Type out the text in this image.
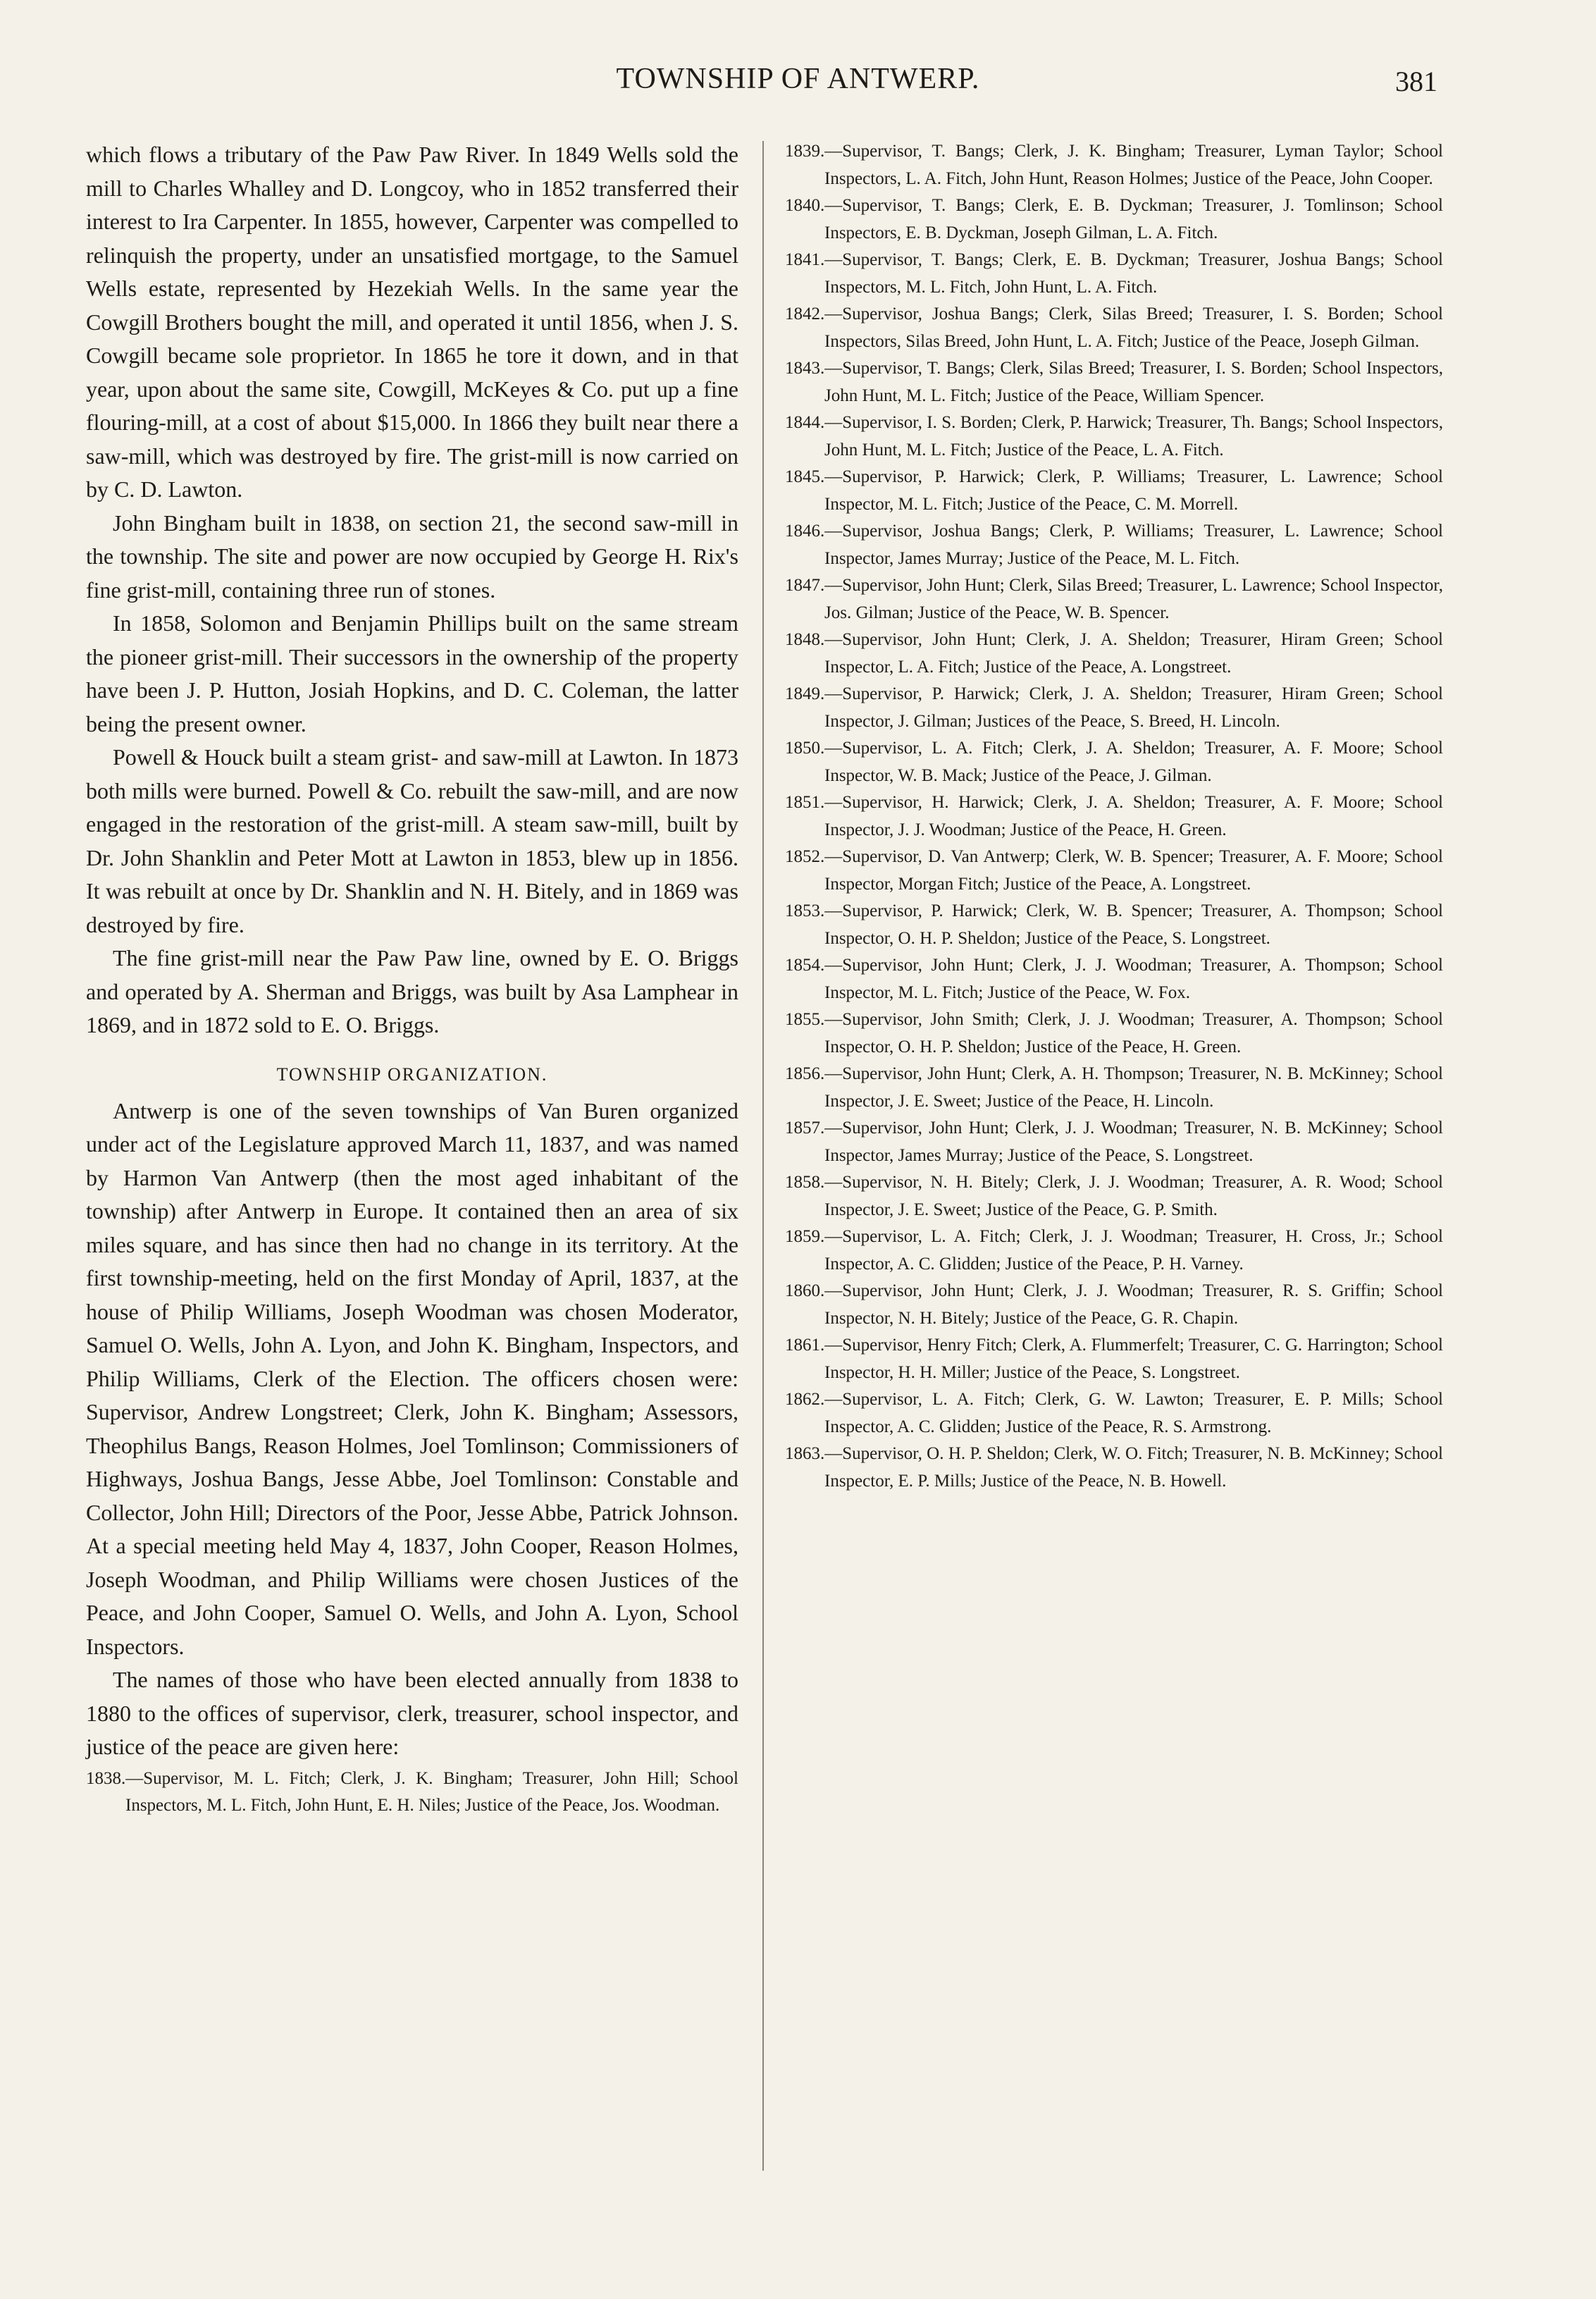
TOWNSHIP OF ANTWERP.	381

which flows a tributary of the Paw Paw River. In 1849 Wells sold the mill to Charles Whalley and D. Longcoy, who in 1852 transferred their interest to Ira Carpenter. In 1855, however, Carpenter was compelled to relinquish the property, under an unsatisfied mortgage, to the Samuel Wells estate, represented by Hezekiah Wells. In the same year the Cowgill Brothers bought the mill, and operated it until 1856, when J. S. Cowgill became sole proprietor. In 1865 he tore it down, and in that year, upon about the same site, Cowgill, McKeyes & Co. put up a fine flouring-mill, at a cost of about $15,000. In 1866 they built near there a saw-mill, which was destroyed by fire. The grist-mill is now carried on by C. D. Lawton.

John Bingham built in 1838, on section 21, the second saw-mill in the township. The site and power are now occupied by George H. Rix's fine grist-mill, containing three run of stones.

In 1858, Solomon and Benjamin Phillips built on the same stream the pioneer grist-mill. Their successors in the ownership of the property have been J. P. Hutton, Josiah Hopkins, and D. C. Coleman, the latter being the present owner.

Powell & Houck built a steam grist- and saw-mill at Lawton. In 1873 both mills were burned. Powell & Co. rebuilt the saw-mill, and are now engaged in the restoration of the grist-mill. A steam saw-mill, built by Dr. John Shanklin and Peter Mott at Lawton in 1853, blew up in 1856. It was rebuilt at once by Dr. Shanklin and N. H. Bitely, and in 1869 was destroyed by fire.

The fine grist-mill near the Paw Paw line, owned by E. O. Briggs and operated by A. Sherman and Briggs, was built by Asa Lamphear in 1869, and in 1872 sold to E. O. Briggs.

TOWNSHIP ORGANIZATION.

Antwerp is one of the seven townships of Van Buren organized under act of the Legislature approved March 11, 1837, and was named by Harmon Van Antwerp (then the most aged inhabitant of the township) after Antwerp in Europe. It contained then an area of six miles square, and has since then had no change in its territory. At the first township-meeting, held on the first Monday of April, 1837, at the house of Philip Williams, Joseph Woodman was chosen Moderator, Samuel O. Wells, John A. Lyon, and John K. Bingham, Inspectors, and Philip Williams, Clerk of the Election. The officers chosen were: Supervisor, Andrew Longstreet; Clerk, John K. Bingham; Assessors, Theophilus Bangs, Reason Holmes, Joel Tomlinson; Commissioners of Highways, Joshua Bangs, Jesse Abbe, Joel Tomlinson: Constable and Collector, John Hill; Directors of the Poor, Jesse Abbe, Patrick Johnson. At a special meeting held May 4, 1837, John Cooper, Reason Holmes, Joseph Woodman, and Philip Williams were chosen Justices of the Peace, and John Cooper, Samuel O. Wells, and John A. Lyon, School Inspectors.

The names of those who have been elected annually from 1838 to 1880 to the offices of supervisor, clerk, treasurer, school inspector, and justice of the peace are given here:

1838.—Supervisor, M. L. Fitch; Clerk, J. K. Bingham; Treasurer, John Hill; School Inspectors, M. L. Fitch, John Hunt, E. H. Niles; Justice of the Peace, Jos. Woodman.
1839.—Supervisor, T. Bangs; Clerk, J. K. Bingham; Treasurer, Lyman Taylor; School Inspectors, L. A. Fitch, John Hunt, Reason Holmes; Justice of the Peace, John Cooper.
1840.—Supervisor, T. Bangs; Clerk, E. B. Dyckman; Treasurer, J. Tomlinson; School Inspectors, E. B. Dyckman, Joseph Gilman, L. A. Fitch.
1841.—Supervisor, T. Bangs; Clerk, E. B. Dyckman; Treasurer, Joshua Bangs; School Inspectors, M. L. Fitch, John Hunt, L. A. Fitch.
1842.—Supervisor, Joshua Bangs; Clerk, Silas Breed; Treasurer, I. S. Borden; School Inspectors, Silas Breed, John Hunt, L. A. Fitch; Justice of the Peace, Joseph Gilman.
1843.—Supervisor, T. Bangs; Clerk, Silas Breed; Treasurer, I. S. Borden; School Inspectors, John Hunt, M. L. Fitch; Justice of the Peace, William Spencer.
1844.—Supervisor, I. S. Borden; Clerk, P. Harwick; Treasurer, Th. Bangs; School Inspectors, John Hunt, M. L. Fitch; Justice of the Peace, L. A. Fitch.
1845.—Supervisor, P. Harwick; Clerk, P. Williams; Treasurer, L. Lawrence; School Inspector, M. L. Fitch; Justice of the Peace, C. M. Morrell.
1846.—Supervisor, Joshua Bangs; Clerk, P. Williams; Treasurer, L. Lawrence; School Inspector, James Murray; Justice of the Peace, M. L. Fitch.
1847.—Supervisor, John Hunt; Clerk, Silas Breed; Treasurer, L. Lawrence; School Inspector, Jos. Gilman; Justice of the Peace, W. B. Spencer.
1848.—Supervisor, John Hunt; Clerk, J. A. Sheldon; Treasurer, Hiram Green; School Inspector, L. A. Fitch; Justice of the Peace, A. Longstreet.
1849.—Supervisor, P. Harwick; Clerk, J. A. Sheldon; Treasurer, Hiram Green; School Inspector, J. Gilman; Justices of the Peace, S. Breed, H. Lincoln.
1850.—Supervisor, L. A. Fitch; Clerk, J. A. Sheldon; Treasurer, A. F. Moore; School Inspector, W. B. Mack; Justice of the Peace, J. Gilman.
1851.—Supervisor, H. Harwick; Clerk, J. A. Sheldon; Treasurer, A. F. Moore; School Inspector, J. J. Woodman; Justice of the Peace, H. Green.
1852.—Supervisor, D. Van Antwerp; Clerk, W. B. Spencer; Treasurer, A. F. Moore; School Inspector, Morgan Fitch; Justice of the Peace, A. Longstreet.
1853.—Supervisor, P. Harwick; Clerk, W. B. Spencer; Treasurer, A. Thompson; School Inspector, O. H. P. Sheldon; Justice of the Peace, S. Longstreet.
1854.—Supervisor, John Hunt; Clerk, J. J. Woodman; Treasurer, A. Thompson; School Inspector, M. L. Fitch; Justice of the Peace, W. Fox.
1855.—Supervisor, John Smith; Clerk, J. J. Woodman; Treasurer, A. Thompson; School Inspector, O. H. P. Sheldon; Justice of the Peace, H. Green.
1856.—Supervisor, John Hunt; Clerk, A. H. Thompson; Treasurer, N. B. McKinney; School Inspector, J. E. Sweet; Justice of the Peace, H. Lincoln.
1857.—Supervisor, John Hunt; Clerk, J. J. Woodman; Treasurer, N. B. McKinney; School Inspector, James Murray; Justice of the Peace, S. Longstreet.
1858.—Supervisor, N. H. Bitely; Clerk, J. J. Woodman; Treasurer, A. R. Wood; School Inspector, J. E. Sweet; Justice of the Peace, G. P. Smith.
1859.—Supervisor, L. A. Fitch; Clerk, J. J. Woodman; Treasurer, H. Cross, Jr.; School Inspector, A. C. Glidden; Justice of the Peace, P. H. Varney.
1860.—Supervisor, John Hunt; Clerk, J. J. Woodman; Treasurer, R. S. Griffin; School Inspector, N. H. Bitely; Justice of the Peace, G. R. Chapin.
1861.—Supervisor, Henry Fitch; Clerk, A. Flummerfelt; Treasurer, C. G. Harrington; School Inspector, H. H. Miller; Justice of the Peace, S. Longstreet.
1862.—Supervisor, L. A. Fitch; Clerk, G. W. Lawton; Treasurer, E. P. Mills; School Inspector, A. C. Glidden; Justice of the Peace, R. S. Armstrong.
1863.—Supervisor, O. H. P. Sheldon; Clerk, W. O. Fitch; Treasurer, N. B. McKinney; School Inspector, E. P. Mills; Justice of the Peace, N. B. Howell.
